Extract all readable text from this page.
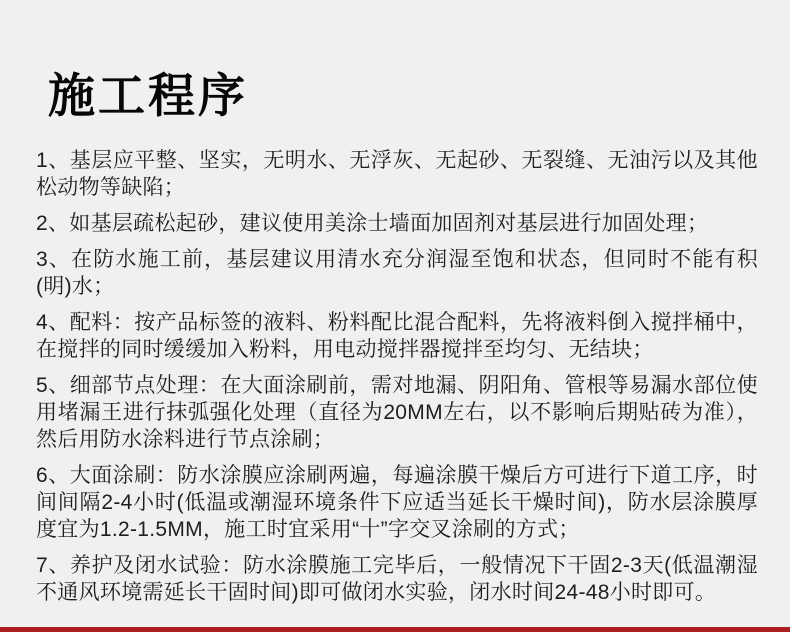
施工程序

1、基层应平整、坚实，无明水、无浮灰、无起砂、无裂缝、无油污以及其他松动物等缺陷；

2、如基层疏松起砂，建议使用美涂士墙面加固剂对基层进行加固处理；

3、在防水施工前，基层建议用清水充分润湿至饱和状态，但同时不能有积(明)水；

4、配料：按产品标签的液料、粉料配比混合配料，先将液料倒入搅拌桶中，在搅拌的同时缓缓加入粉料，用电动搅拌器搅拌至均匀、无结块；

5、细部节点处理：在大面涂刷前，需对地漏、阴阳角、管根等易漏水部位使用堵漏王进行抹弧强化处理（直径为20MM左右，以不影响后期贴砖为准），然后用防水涂料进行节点涂刷；

6、大面涂刷：防水涂膜应涂刷两遍，每遍涂膜干燥后方可进行下道工序，时间间隔2-4小时(低温或潮湿环境条件下应适当延长干燥时间)，防水层涂膜厚度宜为1.2-1.5MM，施工时宜采用“十”字交叉涂刷的方式；

7、养护及闭水试验：防水涂膜施工完毕后，一般情况下干固2-3天(低温潮湿不通风环境需延长干固时间)即可做闭水实验，闭水时间24-48小时即可。
